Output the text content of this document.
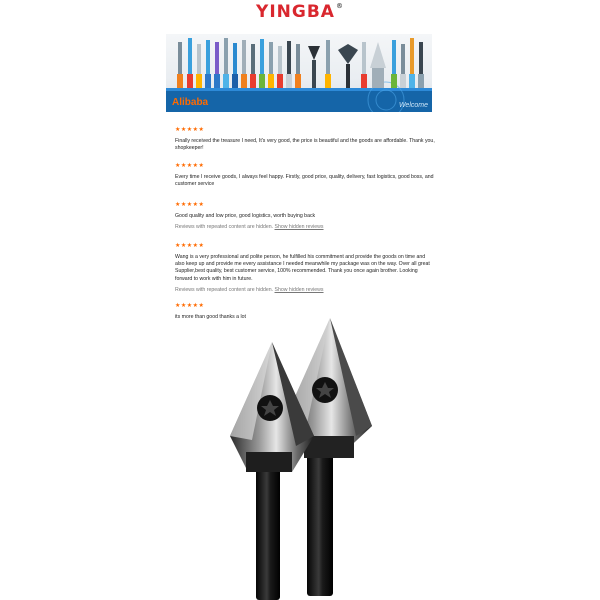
YINGBA®
Alibaba	Welcome
★★★★★
Finally received the treasure I need, It's very good, the price is beautiful and the goods are affordable. Thank you, shopkeeper!
★★★★★
Every time I receive goods, I always feel happy. Firstly, good price, quality, delivery, fast logistics, good boss, and customer service
★★★★★
Good quality and low price, good logistics, worth buying back
Reviews with repeated content are hidden. Show hidden reviews
★★★★★
Wang is a very professional and polite person, he fulfilled his commitment and provide the goods on time and also keep up and provide me every assistance I needed meanwhile my package was on the way. Over all great Supplier,best quality, best customer service, 100% recommended. Thank you once again brother. Looking forward to work with him in future.
Reviews with repeated content are hidden. Show hidden reviews
★★★★★
its more than good thanks a lot
